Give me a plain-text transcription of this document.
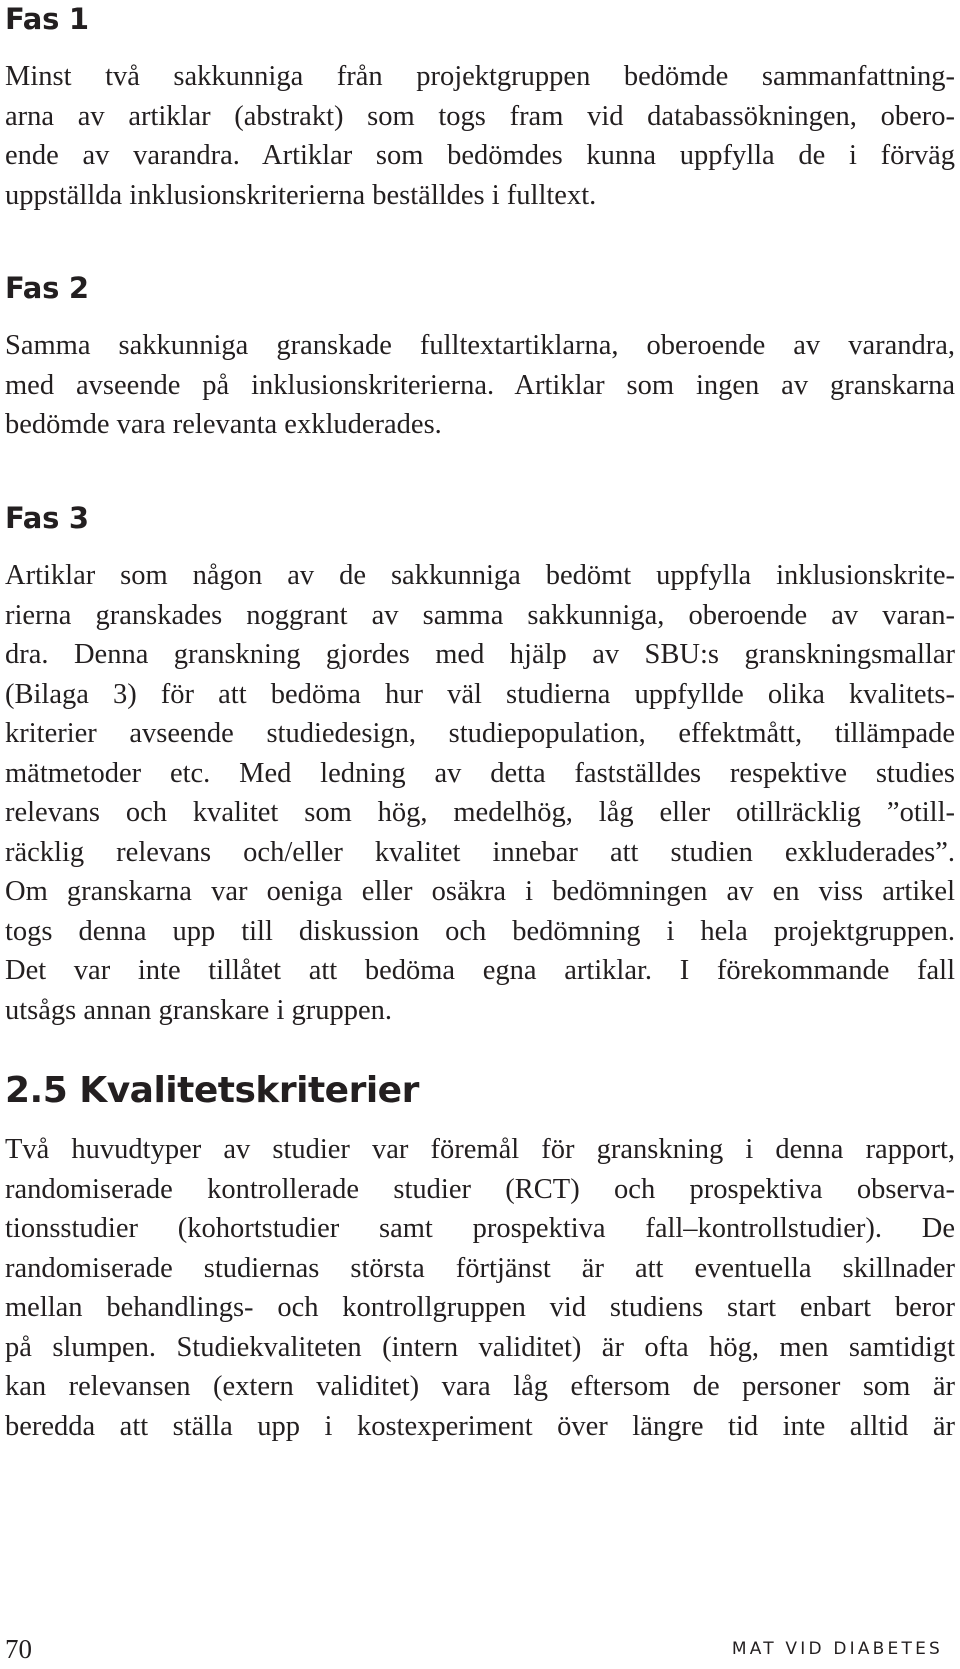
Fas 1
Minst två sakkunniga från projektgruppen bedömde sammanfattning-
arna av artiklar (abstrakt) som togs fram vid databassökningen, obero-
ende av varandra. Artiklar som bedömdes kunna uppfylla de i förväg
uppställda inklusionskriterierna beställdes i fulltext.
Fas 2
Samma sakkunniga granskade fulltextartiklarna, oberoende av varandra,
med avseende på inklusionskriterierna. Artiklar som ingen av granskarna
bedömde vara relevanta exkluderades.
Fas 3
Artiklar som någon av de sakkunniga bedömt uppfylla inklusionskrite-
rierna granskades noggrant av samma sakkunniga, oberoende av varan-
dra. Denna granskning gjordes med hjälp av SBU:s granskningsmallar
(Bilaga 3) för att bedöma hur väl studierna uppfyllde olika kvalitets-
kriterier avseende studiedesign, studiepopulation, effektmått, tillämpade
mätmetoder etc. Med ledning av detta fastställdes respektive studies
relevans och kvalitet som hög, medelhög, låg eller otillräcklig ”otill-
räcklig relevans och/eller kvalitet innebar att studien exkluderades”.
Om granskarna var oeniga eller osäkra i bedömningen av en viss artikel
togs denna upp till diskussion och bedömning i hela projektgruppen.
Det var inte tillåtet att bedöma egna artiklar. I förekommande fall
utsågs annan granskare i gruppen.
2.5 Kvalitetskriterier
Två huvudtyper av studier var föremål för granskning i denna rapport,
randomiserade kontrollerade studier (RCT) och prospektiva observa-
tionsstudier (kohortstudier samt prospektiva fall–kontrollstudier). De
randomiserade studiernas största förtjänst är att eventuella skillnader
mellan behandlings- och kontrollgruppen vid studiens start enbart beror
på slumpen. Studiekvaliteten (intern validitet) är ofta hög, men samtidigt
kan relevansen (extern validitet) vara låg eftersom de personer som är
beredda att ställa upp i kostexperiment över längre tid inte alltid är
70	MAT VID DIABETES
